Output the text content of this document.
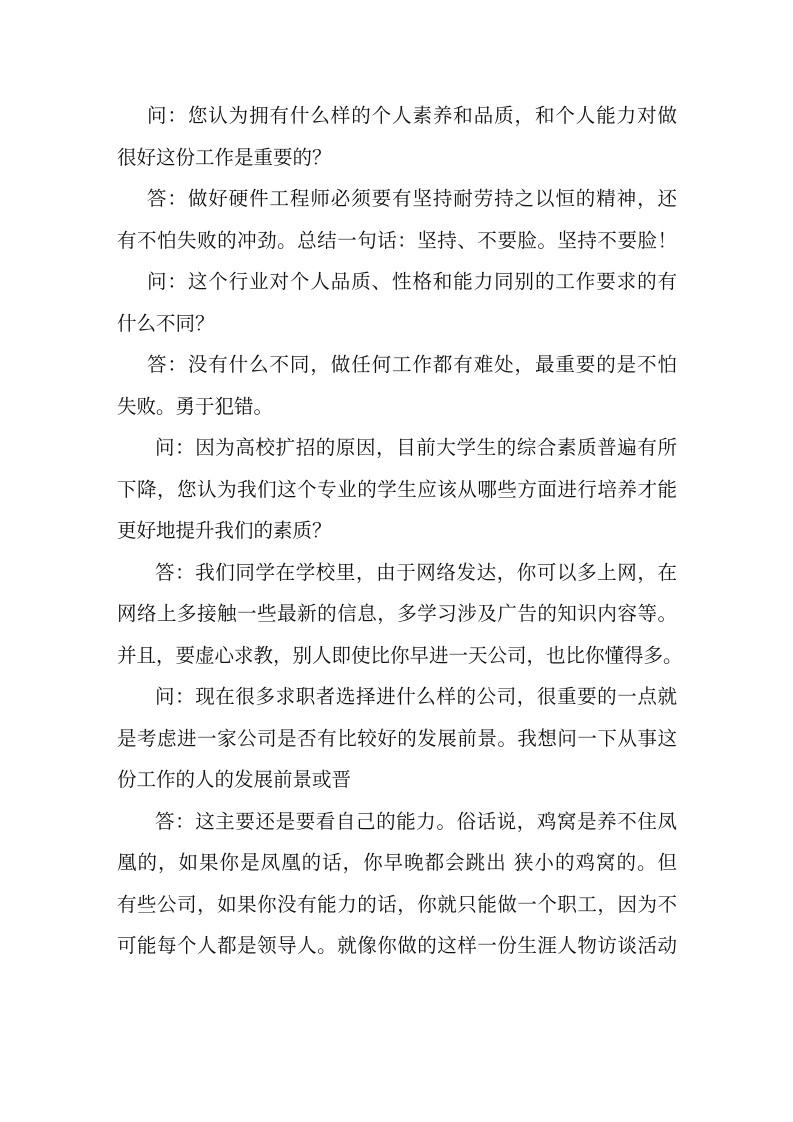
问：您认为拥有什么样的个人素养和品质，和个人能力对做
很好这份工作是重要的？
答：做好硬件工程师必须要有坚持耐劳持之以恒的精神，还
有不怕失败的冲劲。总结一句话：坚持、不要脸。坚持不要脸！
问：这个行业对个人品质、性格和能力同别的工作要求的有
什么不同？
答：没有什么不同，做任何工作都有难处，最重要的是不怕
失败。勇于犯错。
问：因为高校扩招的原因，目前大学生的综合素质普遍有所
下降，您认为我们这个专业的学生应该从哪些方面进行培养才能
更好地提升我们的素质？
答：我们同学在学校里，由于网络发达，你可以多上网，在
网络上多接触一些最新的信息，多学习涉及广告的知识内容等。
并且，要虚心求教，别人即使比你早进一天公司，也比你懂得多。
问：现在很多求职者选择进什么样的公司，很重要的一点就
是考虑进一家公司是否有比较好的发展前景。我想问一下从事这
份工作的人的发展前景或晋
答：这主要还是要看自己的能力。俗话说，鸡窝是养不住凤
凰的，如果你是凤凰的话，你早晚都会跳出 狭小的鸡窝的。但
有些公司，如果你没有能力的话，你就只能做一个职工，因为不
可能每个人都是领导人。就像你做的这样一份生涯人物访谈活动
